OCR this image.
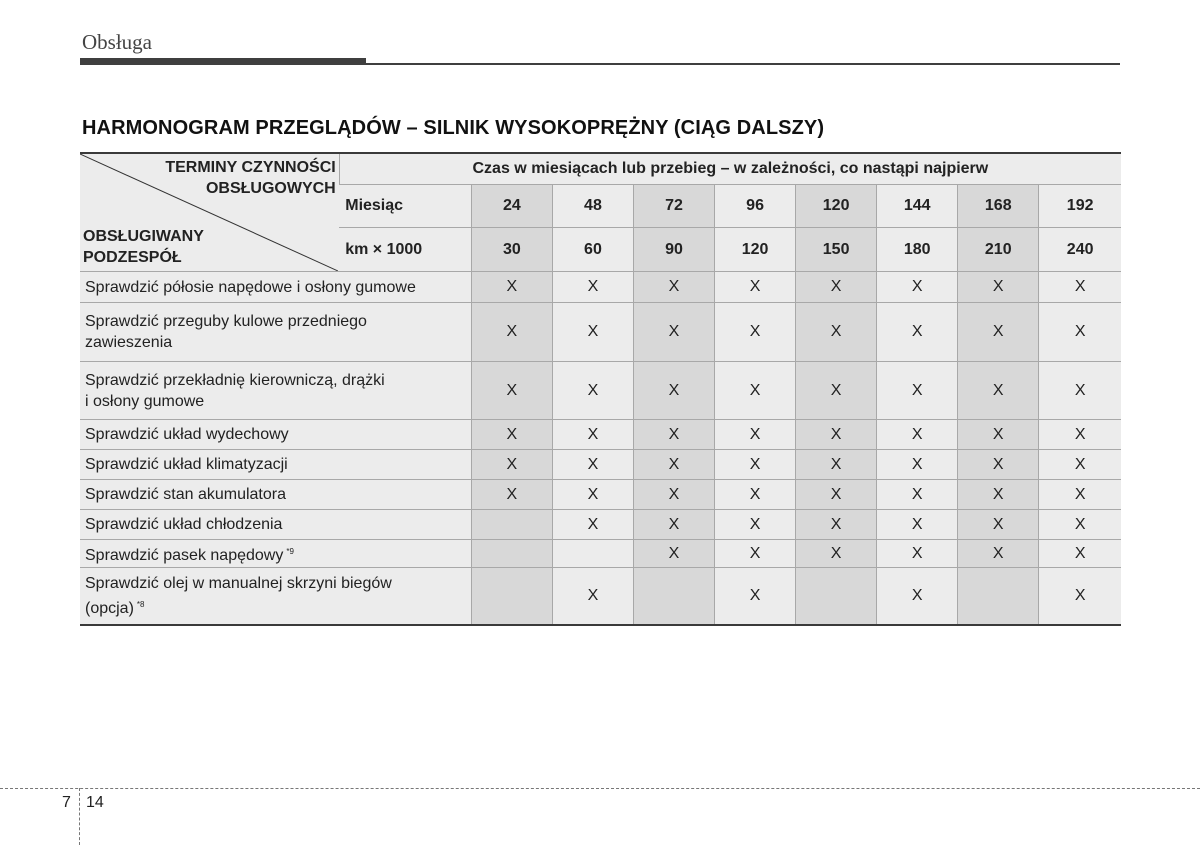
Obsługa
HARMONOGRAM PRZEGLĄDÓW – SILNIK WYSOKOPRĘŻNY (CIĄG DALSZY)
TERMINY CZYNNOŚCI
OBSŁUGOWYCH
OBSŁUGIWANY
PODZESPÓŁ	Czas w miesiącach lub przebieg – w zależności, co nastąpi najpierw								
	Miesiąc	24	48	72	96	120	144	168	192
	km × 1000	30	60	90	120	150	180	210	240
Sprawdzić półosie napędowe i osłony gumowe		X	X	X	X	X	X	X	X
Sprawdzić przeguby kulowe przedniego
zawieszenia		X	X	X	X	X	X	X	X
Sprawdzić przekładnię kierowniczą, drążki
i osłony gumowe		X	X	X	X	X	X	X	X
Sprawdzić układ wydechowy		X	X	X	X	X	X	X	X
Sprawdzić układ klimatyzacji		X	X	X	X	X	X	X	X
Sprawdzić stan akumulatora		X	X	X	X	X	X	X	X
Sprawdzić układ chłodzenia			X	X	X	X	X	X	X
Sprawdzić pasek napędowy $^{*9}$				X	X	X	X	X	X
Sprawdzić olej w manualnej skrzyni biegów
(opcja) $^{*8}$			X		X		X		X
7 14
